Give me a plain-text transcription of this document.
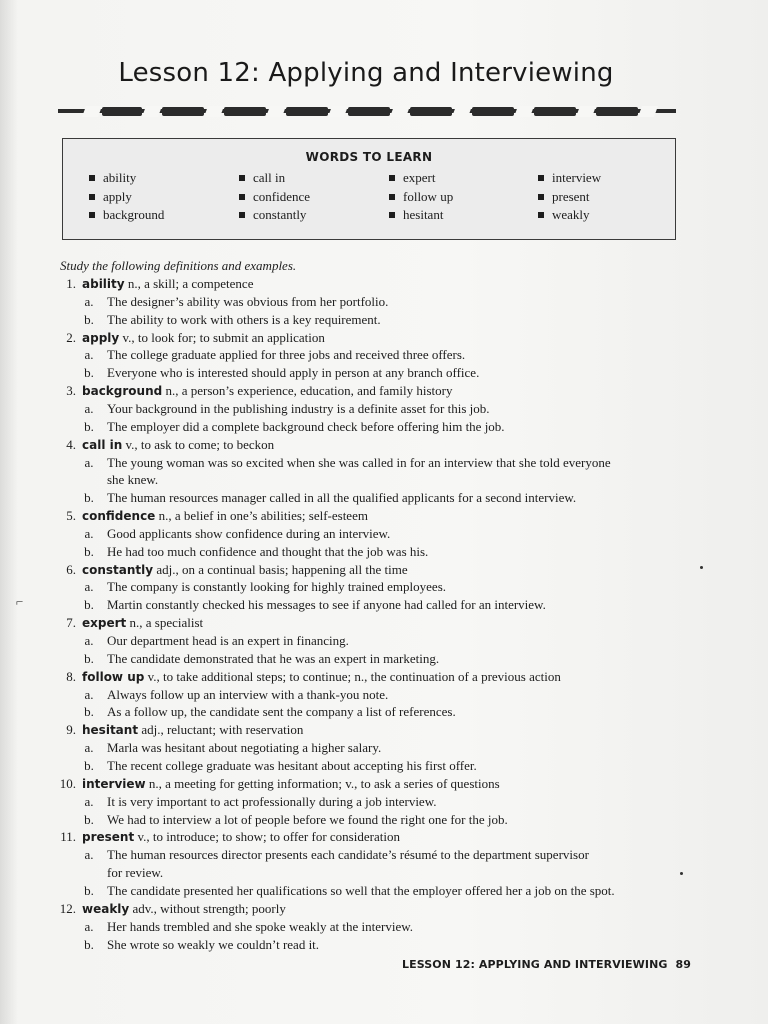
Lesson 12: Applying and Interviewing
WORDS TO LEARN
ability
apply
background
call in
confidence
constantly
expert
follow up
hesitant
interview
present
weakly
Study the following definitions and examples.
1. ability n., a skill; a competence
a. The designer’s ability was obvious from her portfolio.
b. The ability to work with others is a key requirement.
2. apply v., to look for; to submit an application
a. The college graduate applied for three jobs and received three offers.
b. Everyone who is interested should apply in person at any branch office.
3. background n., a person’s experience, education, and family history
a. Your background in the publishing industry is a definite asset for this job.
b. The employer did a complete background check before offering him the job.
4. call in v., to ask to come; to beckon
a. The young woman was so excited when she was called in for an interview that she told everyone
she knew.
b. The human resources manager called in all the qualified applicants for a second interview.
5. confidence n., a belief in one’s abilities; self-esteem
a. Good applicants show confidence during an interview.
b. He had too much confidence and thought that the job was his.
6. constantly adj., on a continual basis; happening all the time
a. The company is constantly looking for highly trained employees.
b. Martin constantly checked his messages to see if anyone had called for an interview.
7. expert n., a specialist
a. Our department head is an expert in financing.
b. The candidate demonstrated that he was an expert in marketing.
8. follow up v., to take additional steps; to continue; n., the continuation of a previous action
a. Always follow up an interview with a thank-you note.
b. As a follow up, the candidate sent the company a list of references.
9. hesitant adj., reluctant; with reservation
a. Marla was hesitant about negotiating a higher salary.
b. The recent college graduate was hesitant about accepting his first offer.
10. interview n., a meeting for getting information; v., to ask a series of questions
a. It is very important to act professionally during a job interview.
b. We had to interview a lot of people before we found the right one for the job.
11. present v., to introduce; to show; to offer for consideration
a. The human resources director presents each candidate’s résumé to the department supervisor
for review.
b. The candidate presented her qualifications so well that the employer offered her a job on the spot.
12. weakly adv., without strength; poorly
a. Her hands trembled and she spoke weakly at the interview.
b. She wrote so weakly we couldn’t read it.
LESSON 12: APPLYING AND INTERVIEWING 89
⌐
